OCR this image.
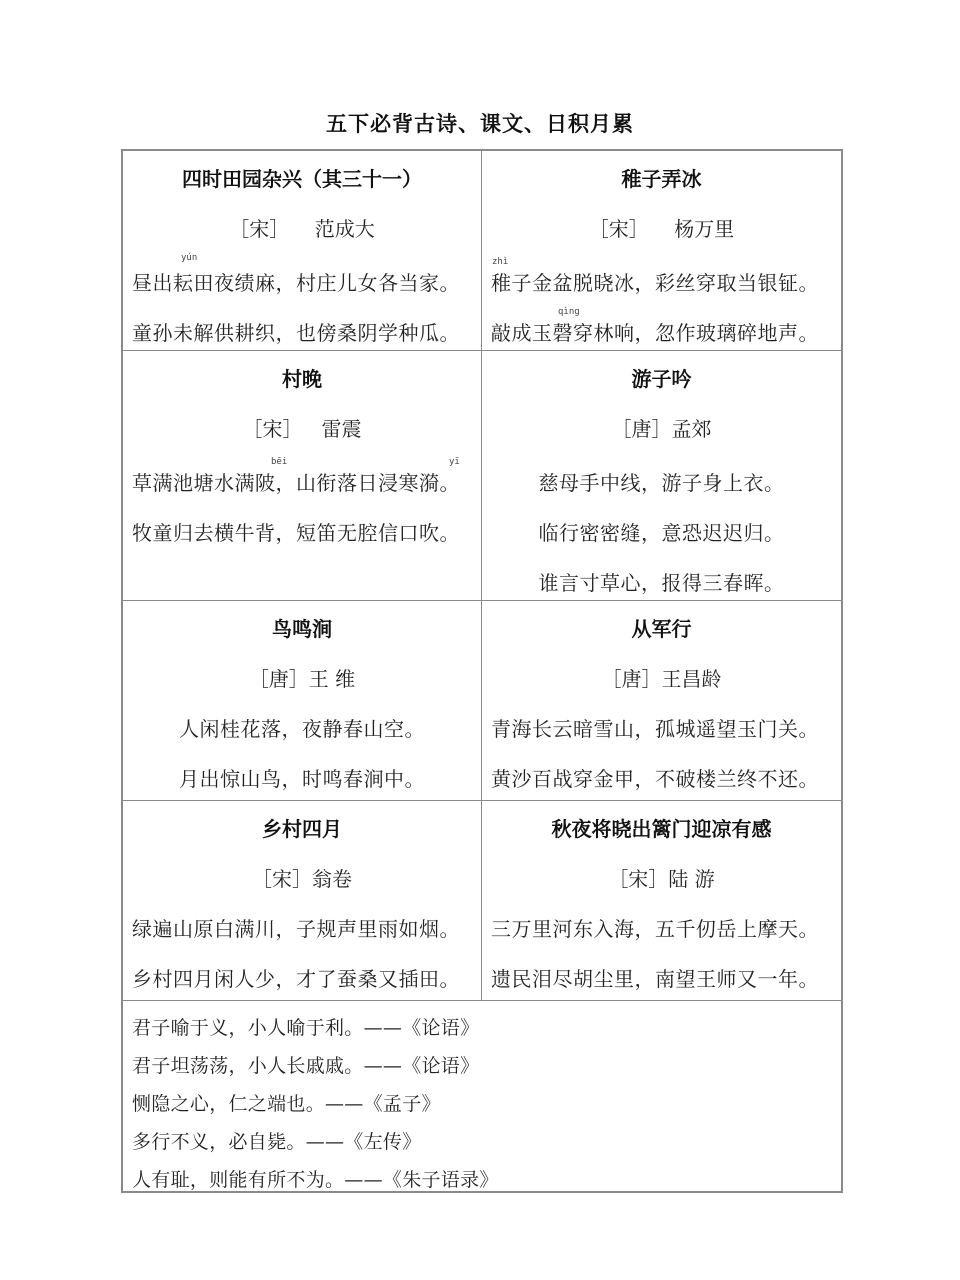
五下必背古诗、课文、日积月累
四时田园杂兴（其三十一）
［宋］    范成大
yún
昼出耘田夜绩麻，村庄儿女各当家。
童孙未解供耕织，也傍桑阴学种瓜。
稚子弄冰
［宋］    杨万里
zhì
稚子金盆脱晓冰，彩丝穿取当银钲。
qìng
敲成玉磬穿林响，忽作玻璃碎地声。
村晚
［宋］   雷震
bēi	yī
草满池塘水满陂，山衔落日浸寒漪。
牧童归去横牛背，短笛无腔信口吹。
游子吟
［唐］孟郊
慈母手中线，游子身上衣。
临行密密缝，意恐迟迟归。
谁言寸草心，报得三春晖。
鸟鸣涧
［唐］王 维
人闲桂花落，夜静春山空。
月出惊山鸟，时鸣春涧中。
从军行
［唐］王昌龄
青海长云暗雪山，孤城遥望玉门关。
黄沙百战穿金甲，不破楼兰终不还。
乡村四月
［宋］翁卷
绿遍山原白满川，子规声里雨如烟。
乡村四月闲人少，才了蚕桑又插田。
秋夜将晓出篱门迎凉有感
［宋］陆 游
三万里河东入海，五千仞岳上摩天。
遗民泪尽胡尘里，南望王师又一年。
君子喻于义，小人喻于利。——《论语》
君子坦荡荡，小人长戚戚。——《论语》
恻隐之心，仁之端也。——《孟子》
多行不义，必自毙。——《左传》
人有耻，则能有所不为。——《朱子语录》
